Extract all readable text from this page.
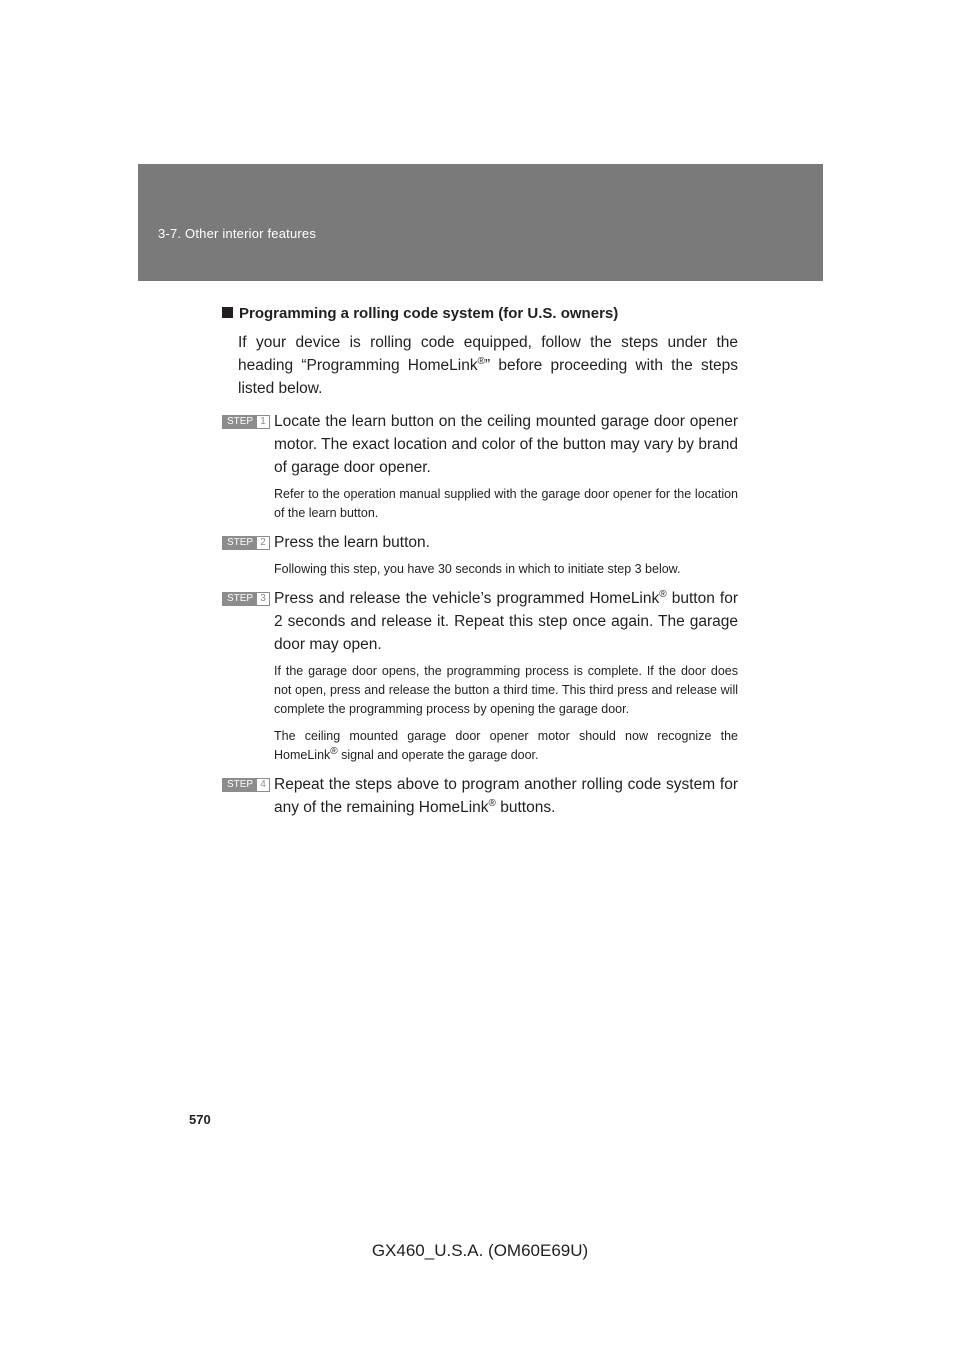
3-7. Other interior features
Programming a rolling code system (for U.S. owners)

If your device is rolling code equipped, follow the steps under the heading “Programming HomeLink®” before proceeding with the steps listed below.

STEP 1 Locate the learn button on the ceiling mounted garage door opener motor. The exact location and color of the button may vary by brand of garage door opener.

Refer to the operation manual supplied with the garage door opener for the location of the learn button.

STEP 2 Press the learn button.

Following this step, you have 30 seconds in which to initiate step 3 below.

STEP 3 Press and release the vehicle’s programmed HomeLink® button for 2 seconds and release it. Repeat this step once again. The garage door may open.

If the garage door opens, the programming process is complete. If the door does not open, press and release the button a third time. This third press and release will complete the programming process by opening the garage door.

The ceiling mounted garage door opener motor should now recognize the HomeLink® signal and operate the garage door.

STEP 4 Repeat the steps above to program another rolling code system for any of the remaining HomeLink® buttons.

570
GX460_U.S.A. (OM60E69U)
